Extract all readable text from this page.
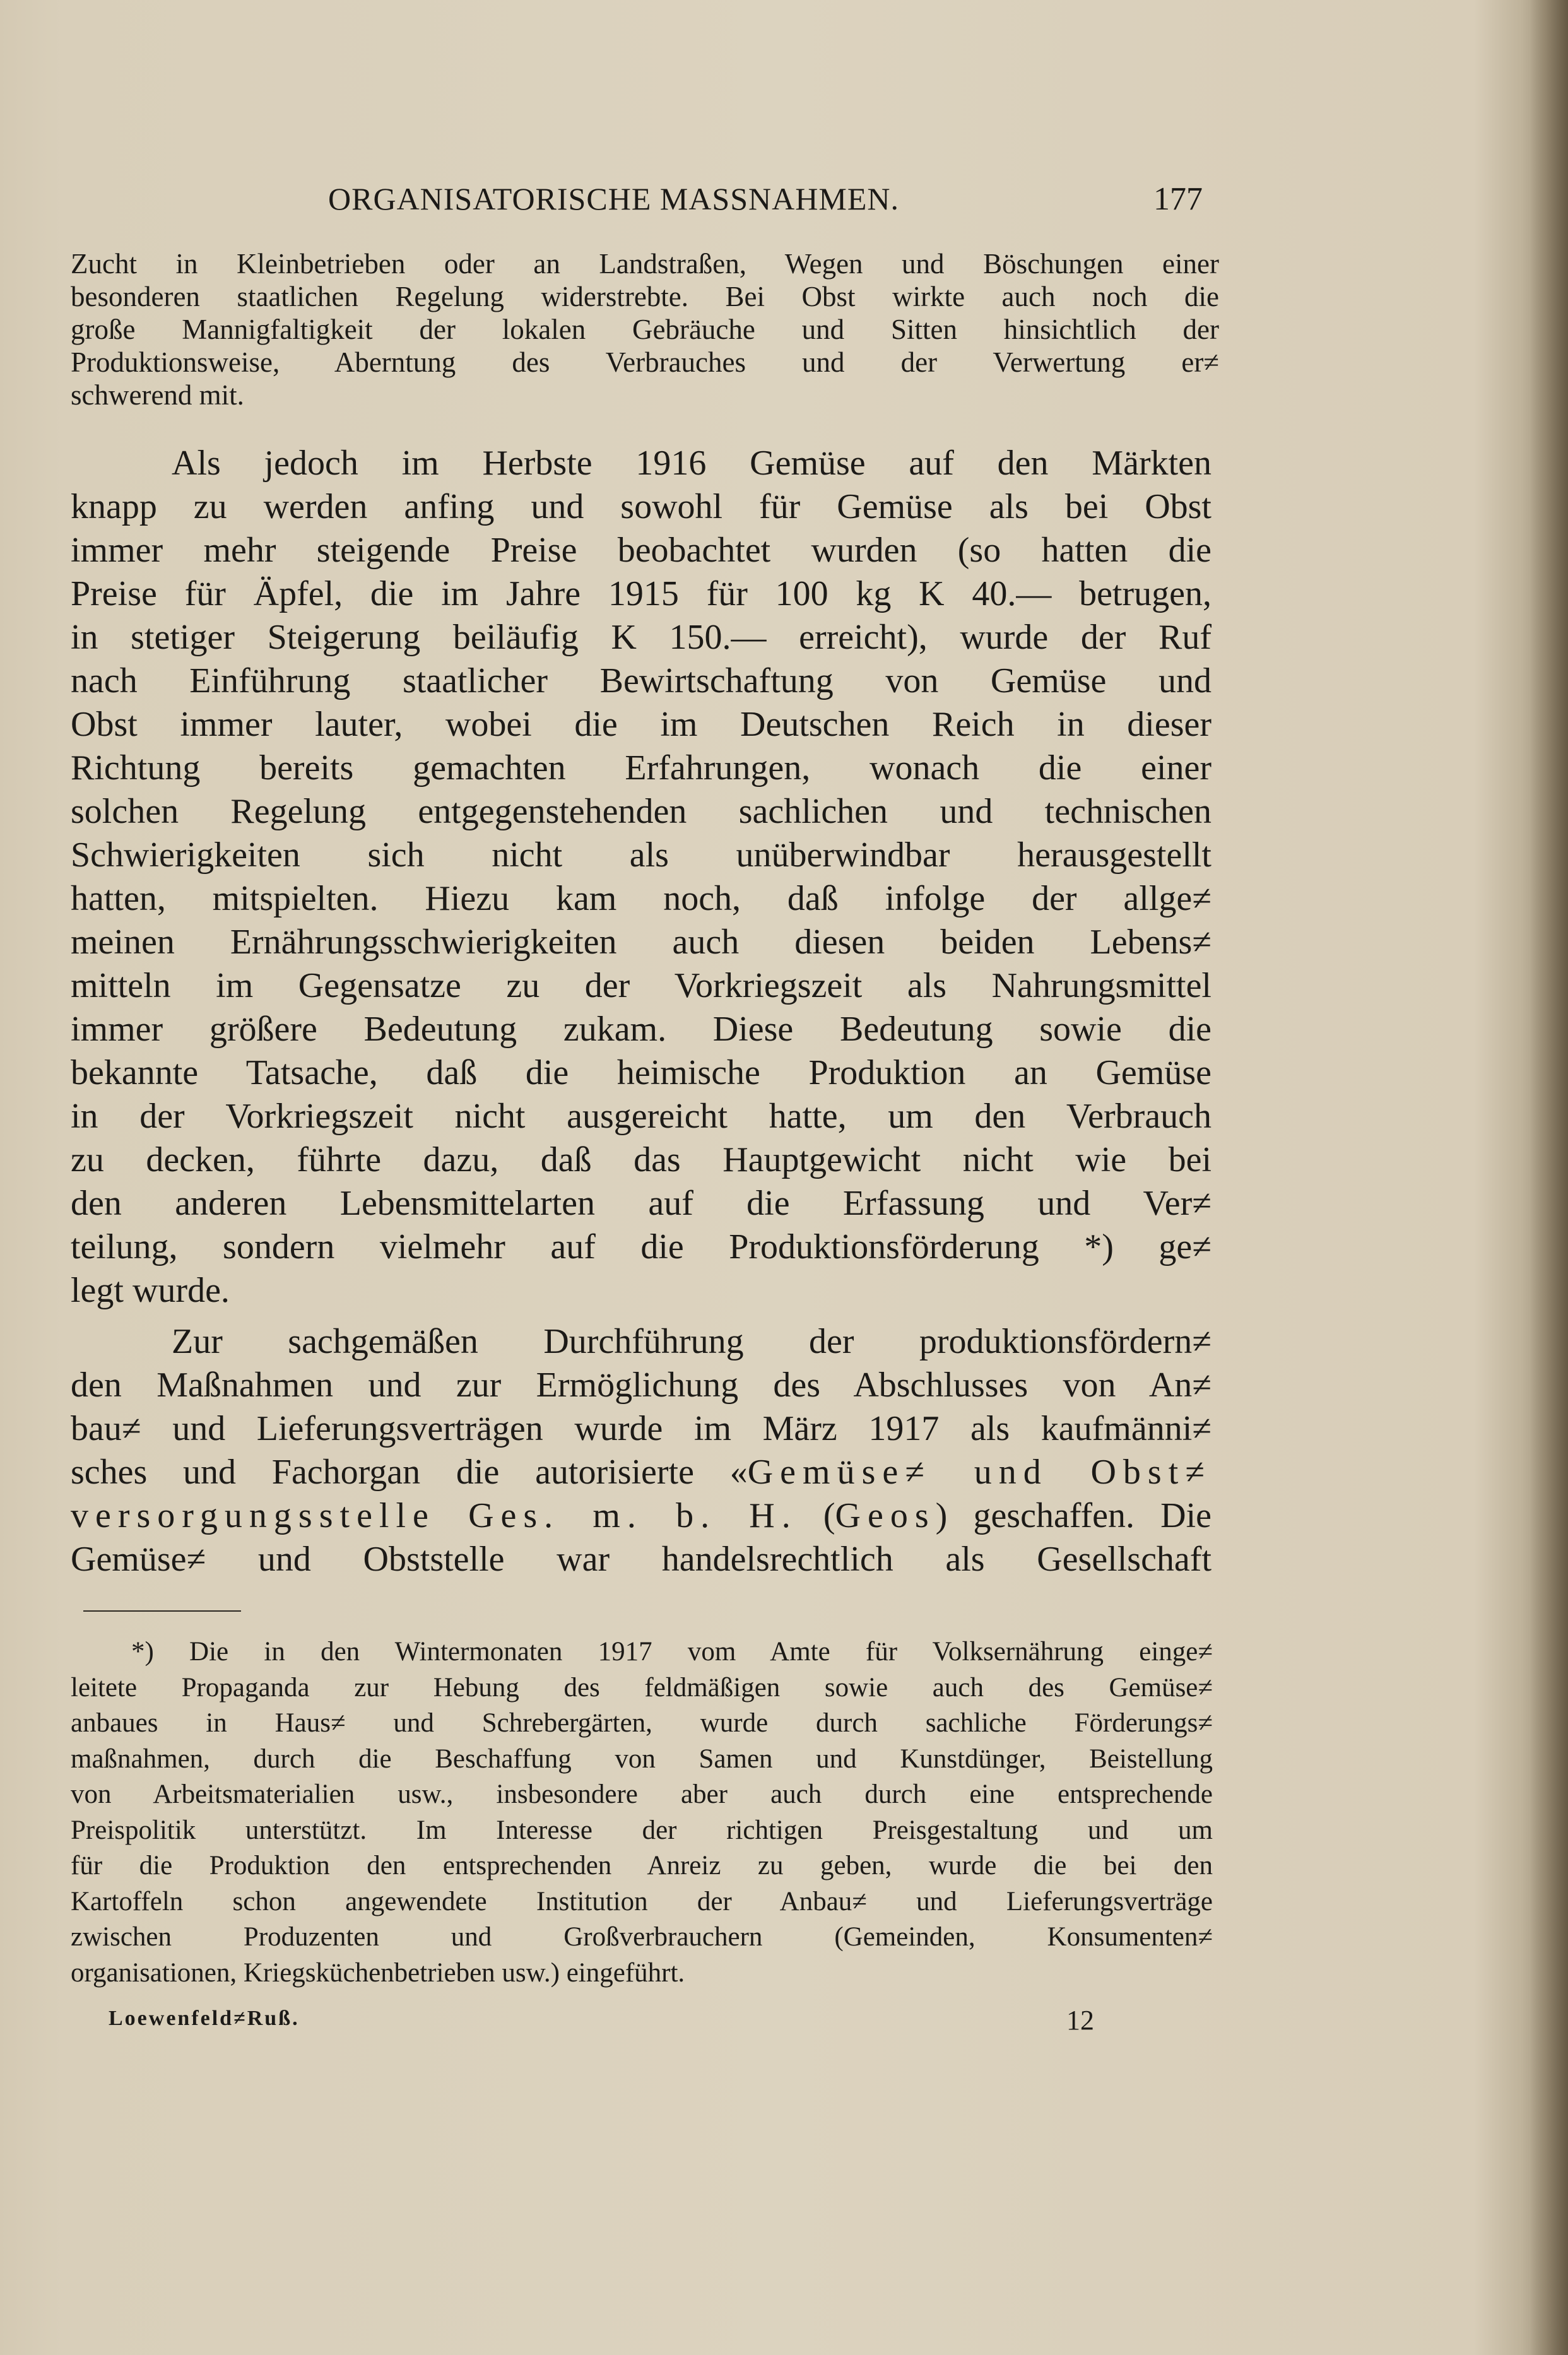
ORGANISATORISCHE MASSNAHMEN.	177
Zucht in Kleinbetrieben oder an Landstraßen, Wegen und Böschungen einer
besonderen staatlichen Regelung widerstrebte. Bei Obst wirkte auch noch die
große Mannigfaltigkeit der lokalen Gebräuche und Sitten hinsichtlich der
Produktionsweise, Aberntung des Verbrauches und der Verwertung er≠
schwerend mit.
Als jedoch im Herbste 1916 Gemüse auf den Märkten
knapp zu werden anfing und sowohl für Gemüse als bei Obst
immer mehr steigende Preise beobachtet wurden (so hatten die
Preise für Äpfel, die im Jahre 1915 für 100 kg K 40.— betrugen,
in stetiger Steigerung beiläufig K 150.— erreicht), wurde der Ruf
nach Einführung staatlicher Bewirtschaftung von Gemüse und
Obst immer lauter, wobei die im Deutschen Reich in dieser
Richtung bereits gemachten Erfahrungen, wonach die einer
solchen Regelung entgegenstehenden sachlichen und technischen
Schwierigkeiten sich nicht als unüberwindbar herausgestellt
hatten, mitspielten. Hiezu kam noch, daß infolge der allge≠
meinen Ernährungsschwierigkeiten auch diesen beiden Lebens≠
mitteln im Gegensatze zu der Vorkriegszeit als Nahrungsmittel
immer größere Bedeutung zukam. Diese Bedeutung sowie die
bekannte Tatsache, daß die heimische Produktion an Gemüse
in der Vorkriegszeit nicht ausgereicht hatte, um den Verbrauch
zu decken, führte dazu, daß das Hauptgewicht nicht wie bei
den anderen Lebensmittelarten auf die Erfassung und Ver≠
teilung, sondern vielmehr auf die Produktionsförderung *) ge≠
legt wurde.
Zur sachgemäßen Durchführung der produktionsfördern≠
den Maßnahmen und zur Ermöglichung des Abschlusses von An≠
bau≠ und Lieferungsverträgen wurde im März 1917 als kaufmänni≠
sches und Fachorgan die autorisierte «Gemüse≠ und Obst≠
versorgungsstelle Ges. m. b. H. (Geos) geschaffen. Die
Gemüse≠ und Obststelle war handelsrechtlich als Gesellschaft
*) Die in den Wintermonaten 1917 vom Amte für Volksernährung einge≠
leitete Propaganda zur Hebung des feldmäßigen sowie auch des Gemüse≠
anbaues in Haus≠ und Schrebergärten, wurde durch sachliche Förderungs≠
maßnahmen, durch die Beschaffung von Samen und Kunstdünger, Beistellung
von Arbeitsmaterialien usw., insbesondere aber auch durch eine entsprechende
Preispolitik unterstützt. Im Interesse der richtigen Preisgestaltung und um
für die Produktion den entsprechenden Anreiz zu geben, wurde die bei den
Kartoffeln schon angewendete Institution der Anbau≠ und Lieferungsverträge
zwischen Produzenten und Großverbrauchern (Gemeinden, Konsumenten≠
organisationen, Kriegsküchenbetrieben usw.) eingeführt.
Loewenfeld≠Ruß.	12
